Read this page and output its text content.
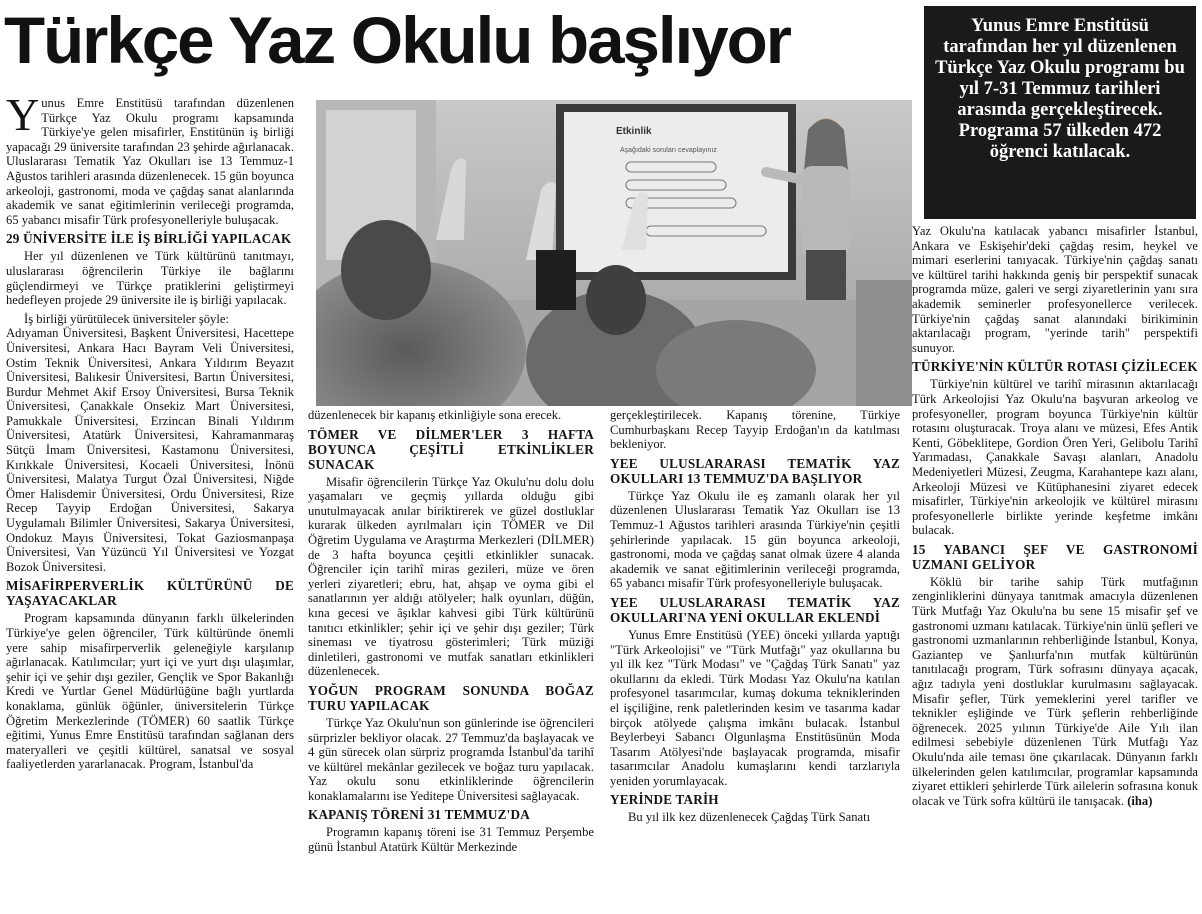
Türkçe Yaz Okulu başlıyor	Yunus Emre Enstitüsü tarafından her yıl düzenlenen Türkçe Yaz Okulu programı bu yıl 7-31 Temmuz tarihleri arasında gerçekleştirecek. Programa 57 ülkeden 472 öğrenci katılacak.

Yunus Emre Enstitüsü tarafından düzenlenen Türkçe Yaz Okulu programı kapsamında Türkiye'ye gelen misafirler, Enstitünün iş birliği yapacağı 29 üniversite tarafından 23 şehirde ağırlanacak. Uluslararası Tematik Yaz Okulları ise 13 Temmuz-1 Ağustos tarihleri arasında düzenlenecek. 15 gün boyunca arkeoloji, gastronomi, moda ve çağdaş sanat alanlarında akademik ve sanat eğitimlerinin verileceği programda, 65 yabancı misafir Türk profesyonelleriyle buluşacak.

29 ÜNİVERSİTE İLE İŞ BİRLİĞİ YAPILACAK

Her yıl düzenlenen ve Türk kültürünü tanıtmayı, uluslararası öğrencilerin Türkiye ile bağlarını güçlendirmeyi ve Türkçe pratiklerini geliştirmeyi hedefleyen projede 29 üniversite ile iş birliği yapılacak.

İş birliği yürütülecek üniversiteler şöyle:

Adıyaman Üniversitesi, Başkent Üniversitesi, Hacettepe Üniversitesi, Ankara Hacı Bayram Veli Üniversitesi, Ostim Teknik Üniversitesi, Ankara Yıldırım Beyazıt Üniversitesi, Balıkesir Üniversitesi, Bartın Üniversitesi, Burdur Mehmet Akif Ersoy Üniversitesi, Bursa Teknik Üniversitesi, Çanakkale Onsekiz Mart Üniversitesi, Pamukkale Üniversitesi, Erzincan Binali Yıldırım Üniversitesi, Atatürk Üniversitesi, Kahramanmaraş Sütçü İmam Üniversitesi, Kastamonu Üniversitesi, Kırıkkale Üniversitesi, Kocaeli Üniversitesi, İnönü Üniversitesi, Malatya Turgut Özal Üniversitesi, Niğde Ömer Halisdemir Üniversitesi, Ordu Üniversitesi, Rize Recep Tayyip Erdoğan Üniversitesi, Sakarya Uygulamalı Bilimler Üniversitesi, Sakarya Üniversitesi, Ondokuz Mayıs Üniversitesi, Tokat Gaziosmanpaşa Üniversitesi, Van Yüzüncü Yıl Üniversitesi ve Yozgat Bozok Üniversitesi.

MİSAFİRPERVERLİK KÜLTÜRÜNÜ DE YAŞAYACAKLAR

Program kapsamında dünyanın farklı ülkelerinden Türkiye'ye gelen öğrenciler, Türk kültüründe önemli yere sahip misafirperverlik geleneğiyle karşılanıp ağırlanacak. Katılımcılar; yurt içi ve yurt dışı ulaşımlar, şehir içi ve şehir dışı geziler, Gençlik ve Spor Bakanlığı Kredi ve Yurtlar Genel Müdürlüğüne bağlı yurtlarda konaklama, günlük öğünler, üniversitelerin Türkçe Öğretim Merkezlerinde (TÖMER) 60 saatlik Türkçe eğitimi, Yunus Emre Enstitüsü tarafından sağlanan ders materyalleri ve çeşitli kültürel, sanatsal ve sosyal faaliyetlerden yararlanacak. Program, İstanbul'da

Etkinlik
Aşağıdaki soruları cevaplayınız

düzenlenecek bir kapanış etkinliğiyle sona erecek.

TÖMER VE DİLMER'LER 3 HAFTA BOYUNCA ÇEŞİTLİ ETKİNLİKLER SUNACAK

Misafir öğrencilerin Türkçe Yaz Okulu'nu dolu dolu yaşamaları ve geçmiş yıllarda olduğu gibi unutulmayacak anılar biriktirerek ve güzel dostluklar kurarak ülkeden ayrılmaları için TÖMER ve Dil Öğretim Uygulama ve Araştırma Merkezleri (DİLMER) de 3 hafta boyunca çeşitli etkinlikler sunacak. Öğrenciler için tarihî miras gezileri, müze ve ören yerleri ziyaretleri; ebru, hat, ahşap ve oyma gibi el sanatlarının yer aldığı atölyeler; halk oyunları, düğün, kına gecesi ve âşıklar kahvesi gibi Türk kültürünü tanıtıcı etkinlikler; şehir içi ve şehir dışı geziler; Türk sineması ve tiyatrosu gösterimleri; Türk müziği dinletileri, gastronomi ve mutfak sanatları etkinlikleri düzenlenecek.

YOĞUN PROGRAM SONUNDA BOĞAZ TURU YAPILACAK

Türkçe Yaz Okulu'nun son günlerinde ise öğrencileri sürprizler bekliyor olacak. 27 Temmuz'da başlayacak ve 4 gün sürecek olan sürpriz programda İstanbul'da tarihî ve kültürel mekânlar gezilecek ve boğaz turu yapılacak. Yaz okulu sonu etkinliklerinde öğrencilerin konaklamalarını ise Yeditepe Üniversitesi sağlayacak.

KAPANIŞ TÖRENİ 31 TEMMUZ'DA

Programın kapanış töreni ise 31 Temmuz Perşembe günü İstanbul Atatürk Kültür Merkezinde

gerçekleştirilecek. Kapanış törenine, Türkiye Cumhurbaşkanı Recep Tayyip Erdoğan'ın da katılması bekleniyor.

YEE ULUSLARARASI TEMATİK YAZ OKULLARI 13 TEMMUZ'DA BAŞLIYOR

Türkçe Yaz Okulu ile eş zamanlı olarak her yıl düzenlenen Uluslararası Tematik Yaz Okulları ise 13 Temmuz-1 Ağustos tarihleri arasında Türkiye'nin çeşitli şehirlerinde yapılacak. 15 gün boyunca arkeoloji, gastronomi, moda ve çağdaş sanat olmak üzere 4 alanda akademik ve sanat eğitimlerinin verileceği programda, 65 yabancı misafir Türk profesyonelleriyle buluşacak.

YEE ULUSLARARASI TEMATİK YAZ OKULLARI'NA YENİ OKULLAR EKLENDİ

Yunus Emre Enstitüsü (YEE) önceki yıllarda yaptığı "Türk Arkeolojisi" ve "Türk Mutfağı" yaz okullarına bu yıl ilk kez "Türk Modası" ve "Çağdaş Türk Sanatı" yaz okullarını da ekledi. Türk Modası Yaz Okulu'na katılan profesyonel tasarımcılar, kumaş dokuma tekniklerinden el işçiliğine, renk paletlerinden kesim ve tasarıma kadar birçok atölyede çalışma imkânı bulacak. İstanbul Beylerbeyi Sabancı Olgunlaşma Enstitüsünün Moda Tasarım Atölyesi'nde başlayacak programda, misafir tasarımcılar Anadolu kumaşlarını kendi tarzlarıyla yeniden yorumlayacak.

YERİNDE TARİH

Bu yıl ilk kez düzenlenecek Çağdaş Türk Sanatı

Yaz Okulu'na katılacak yabancı misafirler İstanbul, Ankara ve Eskişehir'deki çağdaş resim, heykel ve mimari eserlerini tanıyacak. Türkiye'nin çağdaş sanatı ve kültürel tarihi hakkında geniş bir perspektif sunacak programda müze, galeri ve sergi ziyaretlerinin yanı sıra akademik seminerler profesyonellerce verilecek. Türkiye'nin çağdaş sanat alanındaki birikiminin aktarılacağı program, "yerinde tarih" perspektifi sunuyor.

TÜRKİYE'NİN KÜLTÜR ROTASI ÇİZİLECEK

Türkiye'nin kültürel ve tarihî mirasının aktarılacağı Türk Arkeolojisi Yaz Okulu'na başvuran arkeolog ve profesyoneller, program boyunca Türkiye'nin kültür rotasını oluşturacak. Troya alanı ve müzesi, Efes Antik Kenti, Göbeklitepe, Gordion Ören Yeri, Gelibolu Tarihî Yarımadası, Çanakkale Savaşı alanları, Anadolu Medeniyetleri Müzesi, Zeugma, Karahantepe kazı alanı, Arkeoloji Müzesi ve Kütüphanesini ziyaret edecek misafirler, Türkiye'nin arkeolojik ve kültürel mirasını profesyonellerle birlikte yerinde keşfetme imkânı bulacak.

15 YABANCI ŞEF VE GASTRONOMİ UZMANI GELİYOR

Köklü bir tarihe sahip Türk mutfağının zenginliklerini dünyaya tanıtmak amacıyla düzenlenen Türk Mutfağı Yaz Okulu'na bu sene 15 misafir şef ve gastronomi uzmanı katılacak. Türkiye'nin ünlü şefleri ve gastronomi uzmanlarının rehberliğinde İstanbul, Konya, Gaziantep ve Şanlıurfa'nın mutfak kültürünün tanıtılacağı program, Türk sofrasını dünyaya açacak, ağız tadıyla yeni dostluklar kurulmasını sağlayacak. Misafir şefler, Türk yemeklerini yerel tarifler ve teknikler eşliğinde ve Türk şeflerin rehberliğinde öğrenecek. 2025 yılının Türkiye'de Aile Yılı ilan edilmesi sebebiyle düzenlenen Türk Mutfağı Yaz Okulu'nda aile teması öne çıkarılacak. Dünyanın farklı ülkelerinden gelen katılımcılar, programlar kapsamında ziyaret ettikleri şehirlerde Türk ailelerin sofrasına konuk olacak ve Türk sofra kültürü ile tanışacak. (iha)
